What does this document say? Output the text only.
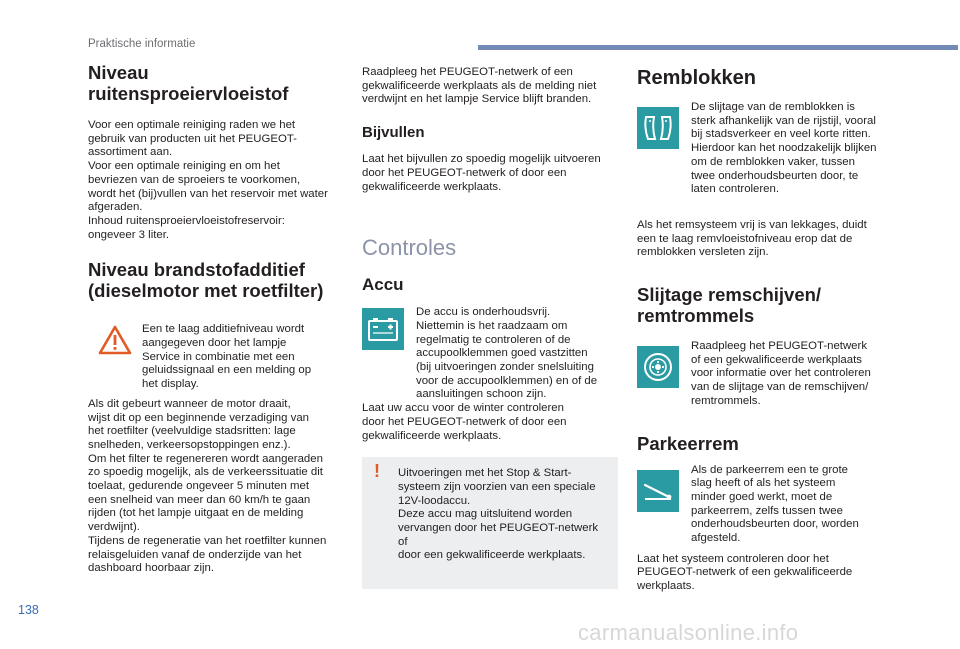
Praktische informatie
Niveau ruitensproeiervloeistof

Voor een optimale reiniging raden we het
gebruik van producten uit het PEUGEOT-
assortiment aan.
Voor een optimale reiniging en om het
bevriezen van de sproeiers te voorkomen,
wordt het (bij)vullen van het reservoir met water
afgeraden.
Inhoud ruitensproeiervloeistofreservoir:
ongeveer 3 liter.

Niveau brandstofadditief
(dieselmotor met roetfilter)
Een te laag additiefniveau wordt
aangegeven door het lampje
Service in combinatie met een
geluidssignaal en een melding op
het display.

Als dit gebeurt wanneer de motor draait,
wijst dit op een beginnende verzadiging van
het roetfilter (veelvuldige stadsritten: lage
snelheden, verkeersopstoppingen enz.).
Om het filter te regenereren wordt aangeraden
zo spoedig mogelijk, als de verkeerssituatie dit
toelaat, gedurende ongeveer 5 minuten met
een snelheid van meer dan 60 km/h te gaan
rijden (tot het lampje uitgaat en de melding
verdwijnt).
Tijdens de regeneratie van het roetfilter kunnen
relaisgeluiden vanaf de onderzijde van het
dashboard hoorbaar zijn.

Raadpleeg het PEUGEOT-netwerk of een
gekwalificeerde werkplaats als de melding niet
verdwijnt en het lampje Service blijft branden.

Bijvullen

Laat het bijvullen zo spoedig mogelijk uitvoeren
door het PEUGEOT-netwerk of door een
gekwalificeerde werkplaats.

Controles
Accu
De accu is onderhoudsvrij.
Niettemin is het raadzaam om
regelmatig te controleren of de
accupoolklemmen goed vastzitten
(bij uitvoeringen zonder snelsluiting
voor de accupoolklemmen) en of de
aansluitingen schoon zijn.

Laat uw accu voor de winter controleren
door het PEUGEOT-netwerk of door een
gekwalificeerde werkplaats.

! Uitvoeringen met het Stop & Start-
systeem zijn voorzien van een speciale
12V-loodaccu.
Deze accu mag uitsluitend worden
vervangen door het PEUGEOT-netwerk of
door een gekwalificeerde werkplaats.

Remblokken
De slijtage van de remblokken is
sterk afhankelijk van de rijstijl, vooral
bij stadsverkeer en veel korte ritten.
Hierdoor kan het noodzakelijk blijken
om de remblokken vaker, tussen
twee onderhoudsbeurten door, te
laten controleren.

Als het remsysteem vrij is van lekkages, duidt
een te laag remvloeistofniveau erop dat de
remblokken versleten zijn.

Slijtage remschijven/
remtrommels
Raadpleeg het PEUGEOT-netwerk
of een gekwalificeerde werkplaats
voor informatie over het controleren
van de slijtage van de remschijven/
remtrommels.
Parkeerrem
Als de parkeerrem een te grote
slag heeft of als het systeem
minder goed werkt, moet de
parkeerrem, zelfs tussen twee
onderhoudsbeurten door, worden
afgesteld.

Laat het systeem controleren door het
PEUGEOT-netwerk of een gekwalificeerde
werkplaats.

138
carmanualsonline.info
